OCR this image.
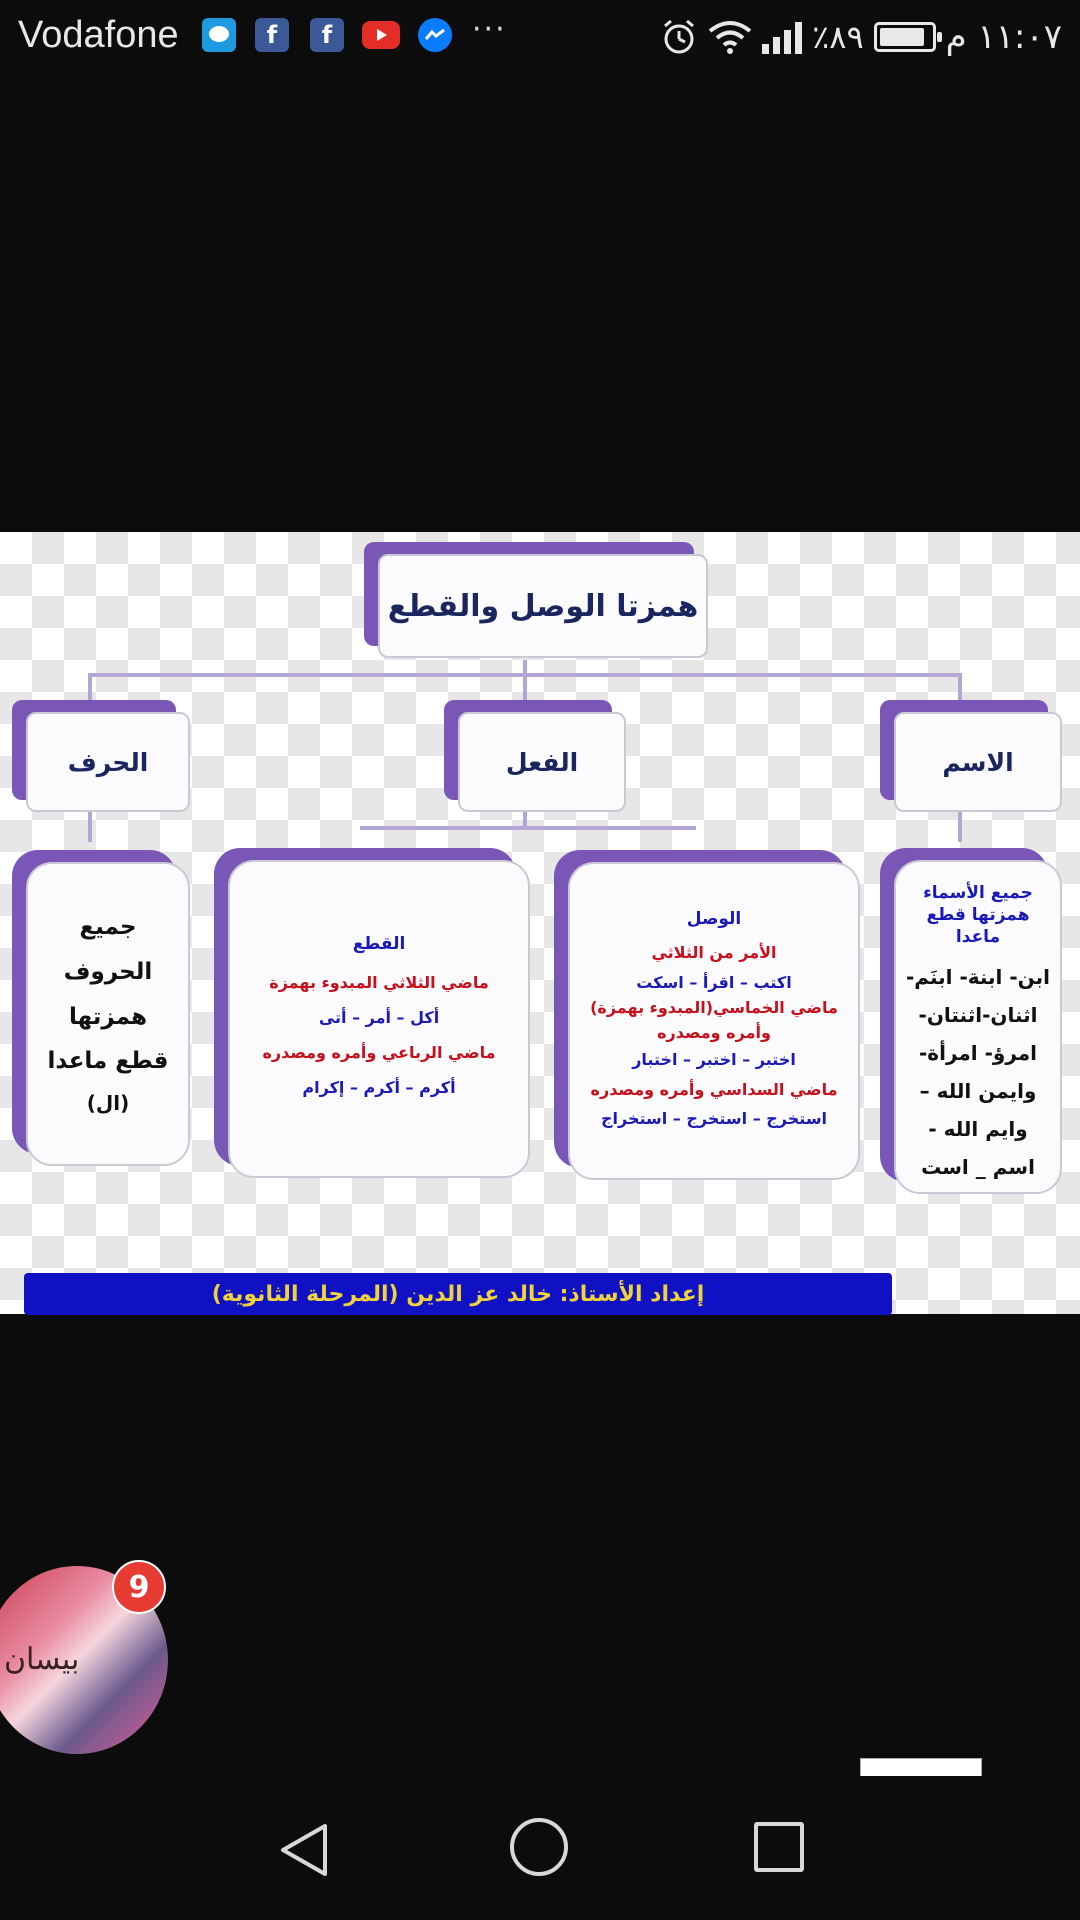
Vodafone	f	f	···	٪٨٩ ١١:٠٧ م
همزتا الوصل والقطع
الاسم
الفعل
الحرف

جميع الأسماء

همزتها قطع

ماعدا

ابن- ابنة- ابنَم-

اثنان-اثنتان-

امرؤ- امرأة-

وايمن الله –

وايم الله -

اسم _ است

الوصل

الأمر من الثلاثي

اكتب – اقرأ – اسكت

ماضي الخماسي(المبدوء بهمزة)

وأمره ومصدره

اختبر – اختبر – اختبار

ماضي السداسي وأمره ومصدره

استخرج – استخرج – استخراج

القطع

ماضي الثلاثي المبدوء بهمزة

أكل – أمر – أتى

ماضي الرباعي وأمره ومصدره

أكرم – أكرم – إكرام

جميع

الحروف

همزتها

قطع ماعدا

(ال)

إعداد الأستاذ: خالد عز الدين (المرحلة الثانوية)
بيسان
9
